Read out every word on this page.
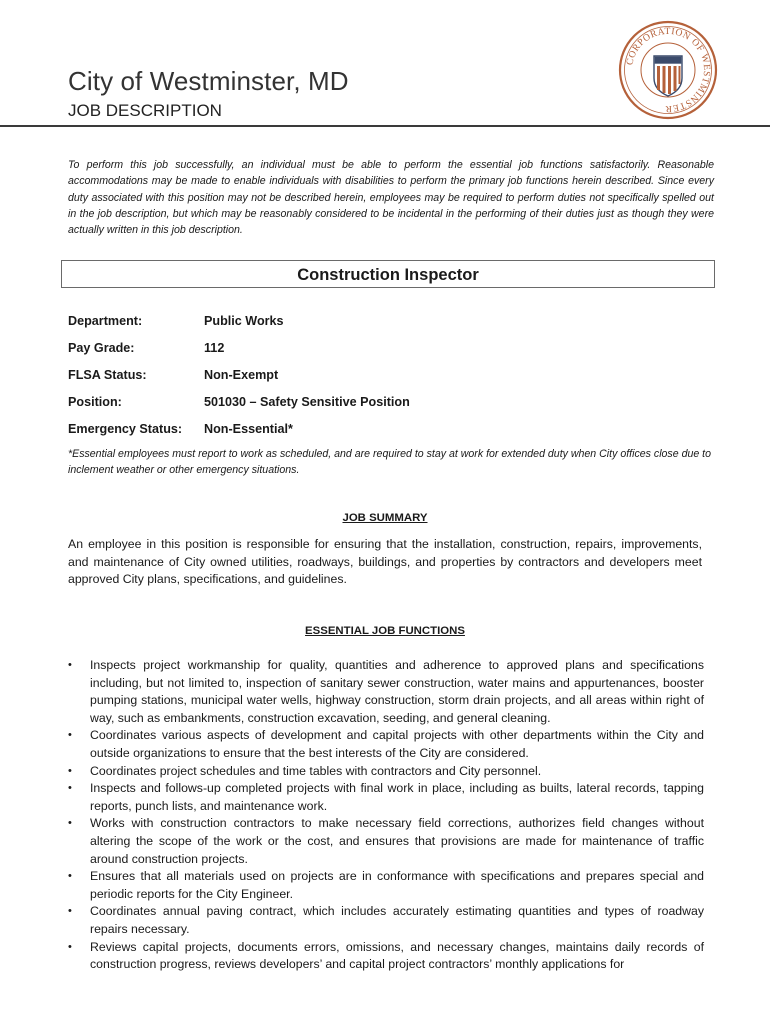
City of Westminster, MD
JOB DESCRIPTION
CORPORATION OF WESTMINSTER
To perform this job successfully, an individual must be able to perform the essential job functions satisfactorily. Reasonable accommodations may be made to enable individuals with disabilities to perform the primary job functions herein described. Since every duty associated with this position may not be described herein, employees may be required to perform duties not specifically spelled out in the job description, but which may be reasonably considered to be incidental in the performing of their duties just as though they were actually written in this job description.
Construction Inspector
Department:	Public Works
Pay Grade:	112
FLSA Status:	Non-Exempt
Position:	501030 – Safety Sensitive Position
Emergency Status: Non-Essential*
*Essential employees must report to work as scheduled, and are required to stay at work for extended duty when City offices close due to inclement weather or other emergency situations.
JOB SUMMARY
An employee in this position is responsible for ensuring that the installation, construction, repairs, improvements, and maintenance of City owned utilities, roadways, buildings, and properties by contractors and developers meet approved City plans, specifications, and guidelines.
ESSENTIAL JOB FUNCTIONS
• Inspects project workmanship for quality, quantities and adherence to approved plans and specifications including, but not limited to, inspection of sanitary sewer construction, water mains and appurtenances, booster pumping stations, municipal water wells, highway construction, storm drain projects, and all areas within right of way, such as embankments, construction excavation, seeding, and general cleaning.
• Coordinates various aspects of development and capital projects with other departments within the City and outside organizations to ensure that the best interests of the City are considered.
• Coordinates project schedules and time tables with contractors and City personnel.
• Inspects and follows-up completed projects with final work in place, including as builts, lateral records, tapping reports, punch lists, and maintenance work.
• Works with construction contractors to make necessary field corrections, authorizes field changes without altering the scope of the work or the cost, and ensures that provisions are made for maintenance of traffic around construction projects.
• Ensures that all materials used on projects are in conformance with specifications and prepares special and periodic reports for the City Engineer.
• Coordinates annual paving contract, which includes accurately estimating quantities and types of roadway repairs necessary.
• Reviews capital projects, documents errors, omissions, and necessary changes, maintains daily records of construction progress, reviews developers’ and capital project contractors’ monthly applications for
